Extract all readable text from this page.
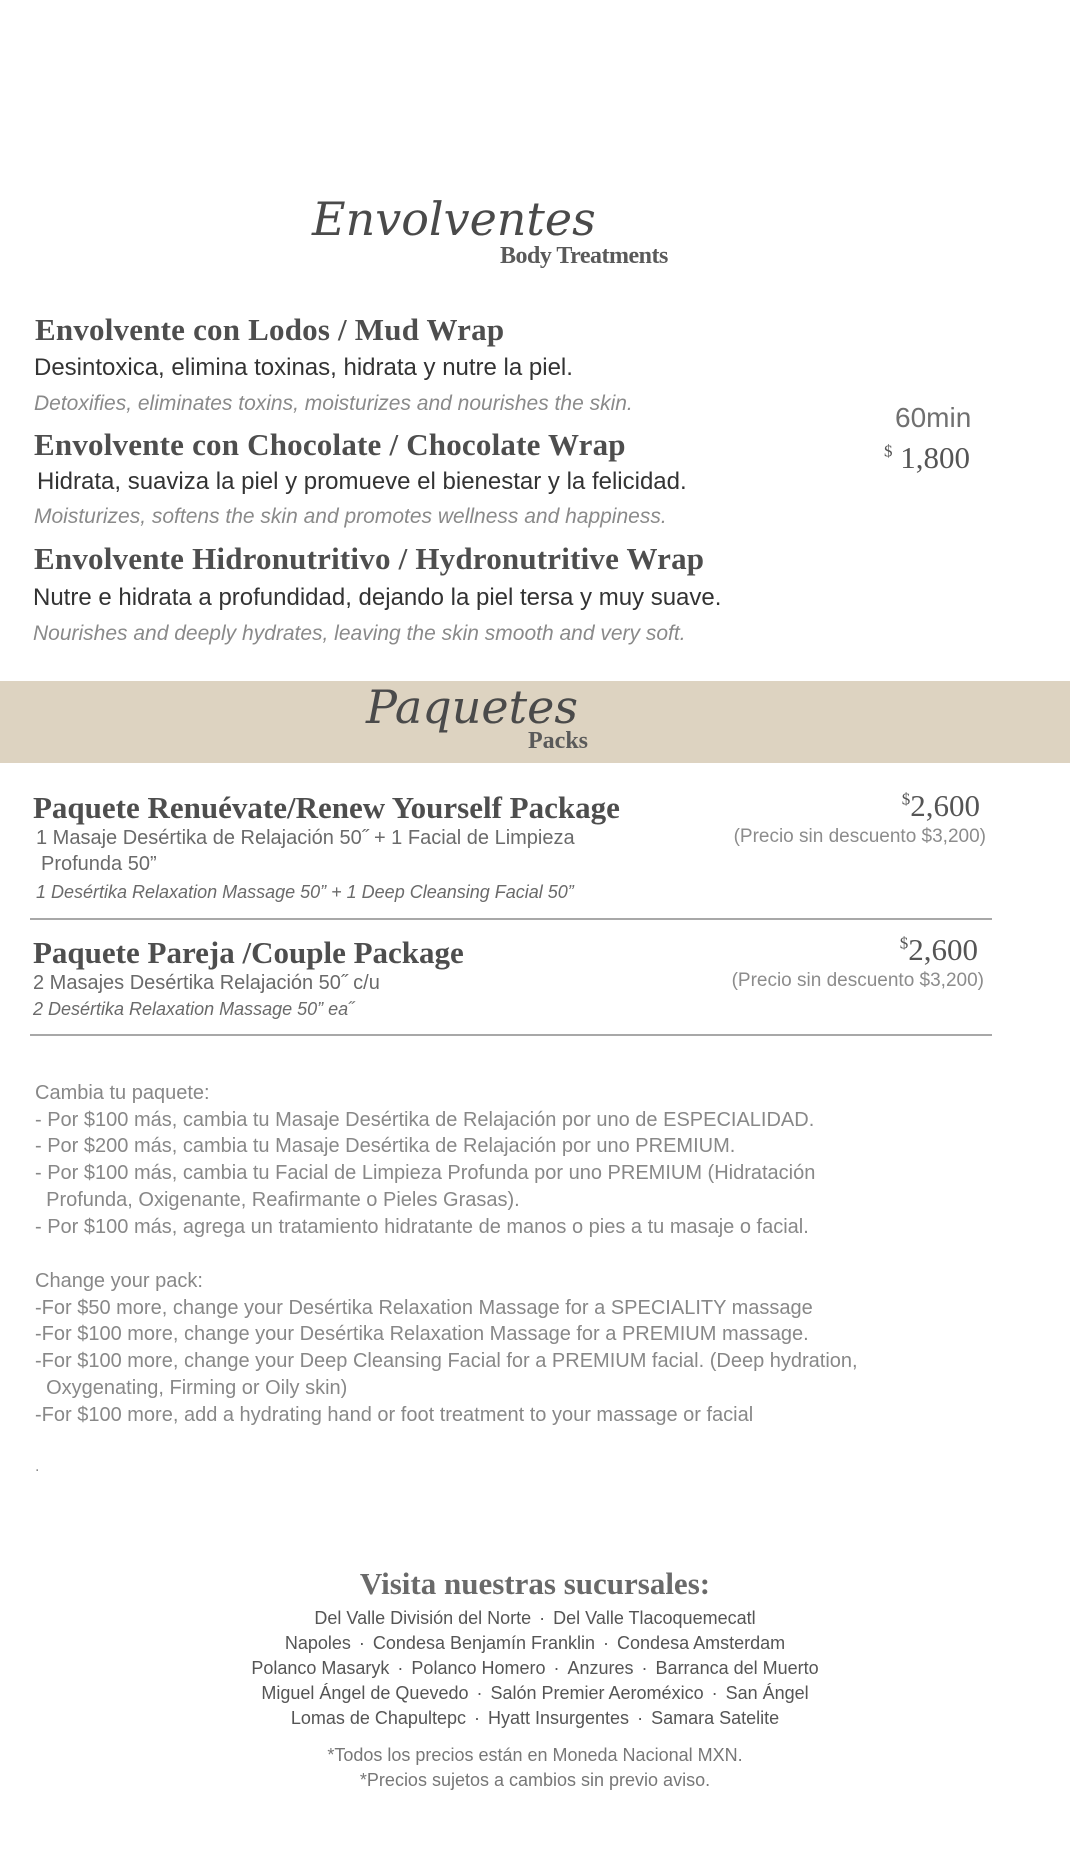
Envolventes
Body Treatments
Envolvente con Lodos / Mud Wrap
Desintoxica, elimina toxinas, hidrata y nutre la piel.
Detoxifies, eliminates toxins, moisturizes and nourishes the skin.
Envolvente con Chocolate / Chocolate Wrap
Hidrata, suaviza la piel y promueve el bienestar y la felicidad.
Moisturizes, softens the skin and promotes wellness and happiness.
Envolvente Hidronutritivo / Hydronutritive Wrap
Nutre e hidrata a profundidad, dejando la piel tersa y muy suave.
Nourishes and deeply hydrates, leaving the skin smooth and very soft.
60min
$ 1,800
Paquetes
Packs
Paquete Renuévate/Renew Yourself Package
1 Masaje Desértika de Relajación 50˝ + 1 Facial de Limpieza
Profunda 50”
1 Desértika Relaxation Massage 50” + 1 Deep Cleansing Facial 50”
$2,600
(Precio sin descuento $3,200)
Paquete Pareja /Couple Package
2 Masajes Desértika Relajación 50˝ c/u
2 Desértika Relaxation Massage 50” ea˝
$2,600
(Precio sin descuento $3,200)
Cambia tu paquete:
- Por $100 más, cambia tu Masaje Desértika de Relajación por uno de ESPECIALIDAD.
- Por $200 más, cambia tu Masaje Desértika de Relajación por uno PREMIUM.
- Por $100 más, cambia tu Facial de Limpieza Profunda por uno PREMIUM (Hidratación
Profunda, Oxigenante, Reafirmante o Pieles Grasas).
- Por $100 más, agrega un tratamiento hidratante de manos o pies a tu masaje o facial.
Change your pack:
-For $50 more, change your Desértika Relaxation Massage for a SPECIALITY massage
-For $100 more, change your Desértika Relaxation Massage for a PREMIUM massage.
-For $100 more, change your Deep Cleansing Facial for a PREMIUM facial. (Deep hydration,
Oxygenating, Firming or Oily skin)
-For $100 more, add a hydrating hand or foot treatment to your massage or facial
.
Visita nuestras sucursales:
Del Valle División del Norte · Del Valle Tlacoquemecatl
Napoles · Condesa Benjamín Franklin · Condesa Amsterdam
Polanco Masaryk · Polanco Homero · Anzures · Barranca del Muerto
Miguel Ángel de Quevedo · Salón Premier Aeroméxico · San Ángel
Lomas de Chapultepc · Hyatt Insurgentes · Samara Satelite
*Todos los precios están en Moneda Nacional MXN.
*Precios sujetos a cambios sin previo aviso.
